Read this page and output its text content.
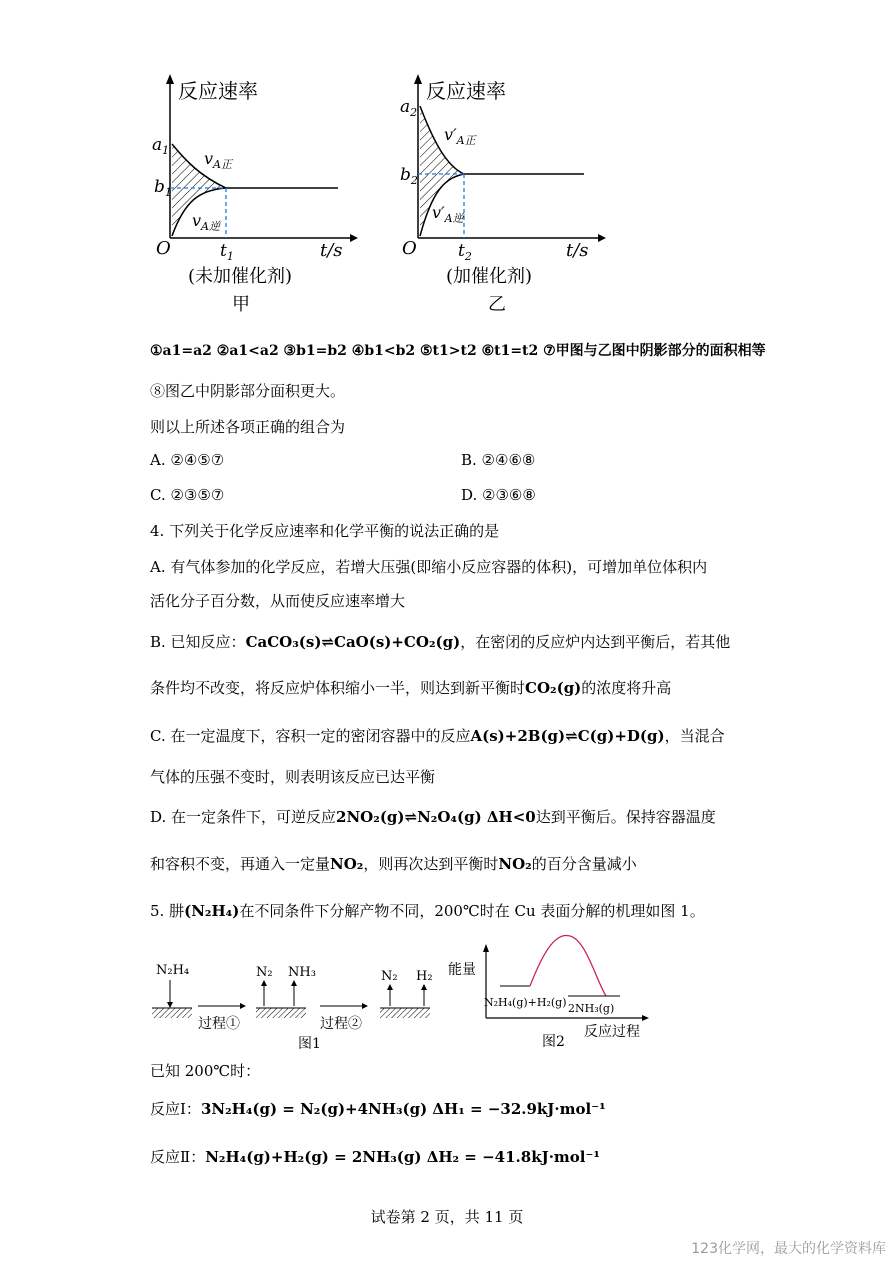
反应速率
$a_1$
$b_1$
O	$t_1$	t/s
$v_{A正}$
$v_{A逆}$
(未加催化剂)
甲
反应速率
$a_2$
$b_2$
O $t_2$	t/s
$v'_{A正}$
$v'_{A逆}$
(加催化剂)
乙
①a1=a2 ②a1<a2 ③b1=b2 ④b1<b2 ⑤t1>t2 ⑥t1=t2 ⑦甲图与乙图中阴影部分的面积相等
⑧图乙中阴影部分面积更大。
则以上所述各项正确的组合为
A. ②④⑤⑦	B. ②④⑥⑧
C. ②③⑤⑦	D. ②③⑥⑧
4. 下列关于化学反应速率和化学平衡的说法正确的是
A. 有气体参加的化学反应，若增大压强(即缩小反应容器的体积)，可增加单位体积内
活化分子百分数，从而使反应速率增大
B. 已知反应：CaCO₃(s)⇌CaO(s)+CO₂(g)，在密闭的反应炉内达到平衡后，若其他
条件均不改变，将反应炉体积缩小一半，则达到新平衡时CO₂(g)的浓度将升高
C. 在一定温度下，容积一定的密闭容器中的反应A(s)+2B(g)⇌C(g)+D(g)，当混合
气体的压强不变时，则表明该反应已达平衡
D. 在一定条件下，可逆反应2NO₂(g)⇌N₂O₄(g) ΔH<0达到平衡后。保持容器温度
和容积不变，再通入一定量NO₂，则再次达到平衡时NO₂的百分含量减小
5. 肼(N₂H₄)在不同条件下分解产物不同，200℃时在 Cu 表面分解的机理如图 1。
N₂H₄	N₂ NH₃	N₂ H₂
过程①	过程②
图1
能量
N₂H₄(g)+H₂(g) 2NH₃(g)
反应过程
图2
已知 200℃时：
反应Ⅰ：3N₂H₄(g) = N₂(g)+4NH₃(g) ΔH₁ = −32.9kJ·mol⁻¹
反应Ⅱ：N₂H₄(g)+H₂(g) = 2NH₃(g) ΔH₂ = −41.8kJ·mol⁻¹
试卷第 2 页，共 11 页
123化学网，最大的化学资料库
